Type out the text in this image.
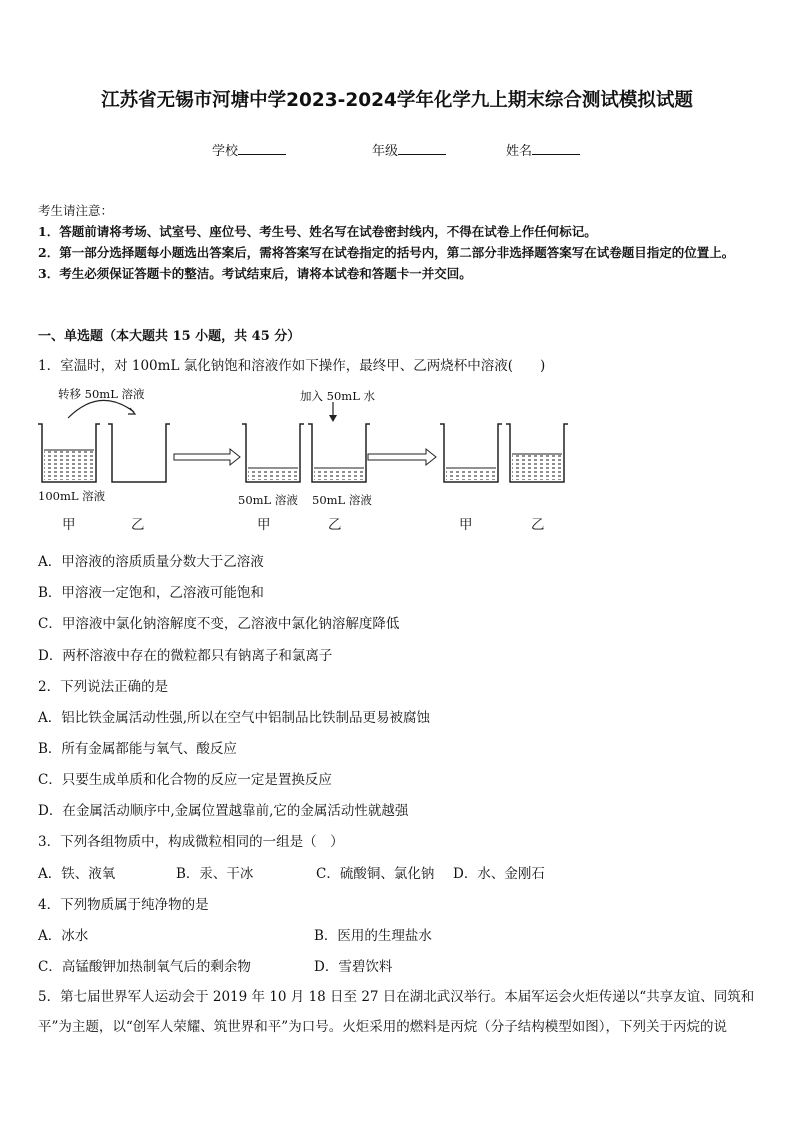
江苏省无锡市河塘中学2023-2024学年化学九上期末综合测试模拟试题
学校	年级	姓名
考生请注意：
1．答题前请将考场、试室号、座位号、考生号、姓名写在试卷密封线内，不得在试卷上作任何标记。
2．第一部分选择题每小题选出答案后，需将答案写在试卷指定的括号内，第二部分非选择题答案写在试卷题目指定的位置上。
3．考生必须保证答题卡的整洁。考试结束后，请将本试卷和答题卡一并交回。
一、单选题（本大题共 15 小题，共 45 分）
1．室温时，对 100mL 氯化钠饱和溶液作如下操作，最终甲、乙两烧杯中溶液(　　)
转移 50mL 溶液	加入 50mL 水
100mL 溶液	50mL 溶液 50mL 溶液
甲	乙	甲	乙	甲	乙
A．甲溶液的溶质质量分数大于乙溶液
B．甲溶液一定饱和，乙溶液可能饱和
C．甲溶液中氯化钠溶解度不变，乙溶液中氯化钠溶解度降低
D．两杯溶液中存在的微粒都只有钠离子和氯离子
2．下列说法正确的是
A．铝比铁金属活动性强,所以在空气中铝制品比铁制品更易被腐蚀
B．所有金属都能与氧气、酸反应
C．只要生成单质和化合物的反应一定是置换反应
D．在金属活动顺序中,金属位置越靠前,它的金属活动性就越强
3．下列各组物质中，构成微粒相同的一组是（　）
A．铁、液氧	B．汞、干冰	C．硫酸铜、氯化钠 D．水、金刚石
4．下列物质属于纯净物的是
A．冰水	B．医用的生理盐水
C．高锰酸钾加热制氧气后的剩余物	D．雪碧饮料
5．第七届世界军人运动会于 2019 年 10 月 18 日至 27 日在湖北武汉举行。本届军运会火炬传递以“共享友谊、同筑和平”为主题，以“创军人荣耀、筑世界和平”为口号。火炬采用的燃料是丙烷（分子结构模型如图），下列关于丙烷的说
